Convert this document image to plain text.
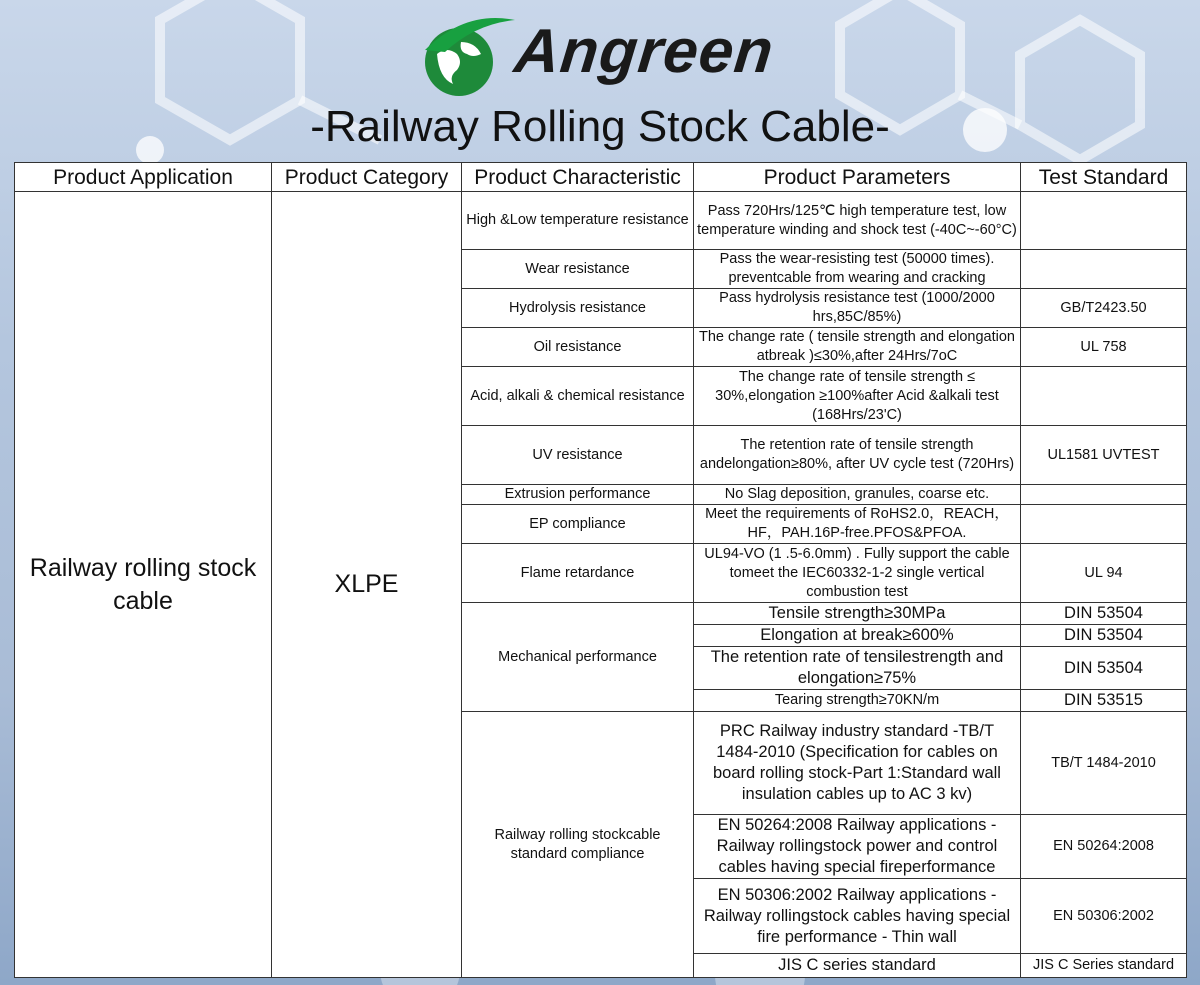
Angreen
-Railway Rolling Stock Cable-
Product Application	Product Category	Product Characteristic	Product Parameters	Test Standard
Railway rolling stock cable	XLPE	High &Low temperature resistance	Pass 720Hrs/125℃ high temperature test, low temperature winding and shock test (-40C~-60°C)	
		Wear resistance	Pass the wear-resisting test (50000 times). preventcable from wearing and cracking	
		Hydrolysis resistance	Pass hydrolysis resistance test (1000/2000 hrs,85C/85%)	GB/T2423.50
		Oil resistance	The change rate ( tensile strength and elongation atbreak )≤30%,after 24Hrs/7oC	UL 758
		Acid, alkali & chemical resistance	The change rate of tensile strength ≤ 30%,elongation ≥100%after Acid &alkali test (168Hrs/23'C)	
		UV resistance	The retention rate of tensile strength andelongation≥80%, after UV cycle test (720Hrs)	UL1581 UVTEST
		Extrusion performance	No Slag deposition, granules, coarse etc.	
		EP compliance	Meet the requirements of RoHS2.0，REACH， HF，PAH.16P-free.PFOS&PFOA.	
		Flame retardance	UL94-VO (1 .5-6.0mm) . Fully support the cable tomeet the IEC60332-1-2 single vertical combustion test	UL 94
		Mechanical performance	Tensile strength≥30MPa	DIN 53504
			Elongation at break≥600%	DIN 53504
			The retention rate of tensilestrength and elongation≥75%	DIN 53504
			Tearing strength≥70KN/m	DIN 53515
		Railway rolling stockcable standard compliance	PRC Railway industry standard -TB/T 1484-2010 (Specification for cables on board rolling stock-Part 1:Standard wall insulation cables up to AC 3 kv)	TB/T 1484-2010
			EN 50264:2008 Railway applications - Railway rollingstock power and control cables having special fireperformance	EN 50264:2008
			EN 50306:2002 Railway applications - Railway rollingstock cables having special fire performance - Thin wall	EN 50306:2002
			JIS C series standard	JIS C Series standard
